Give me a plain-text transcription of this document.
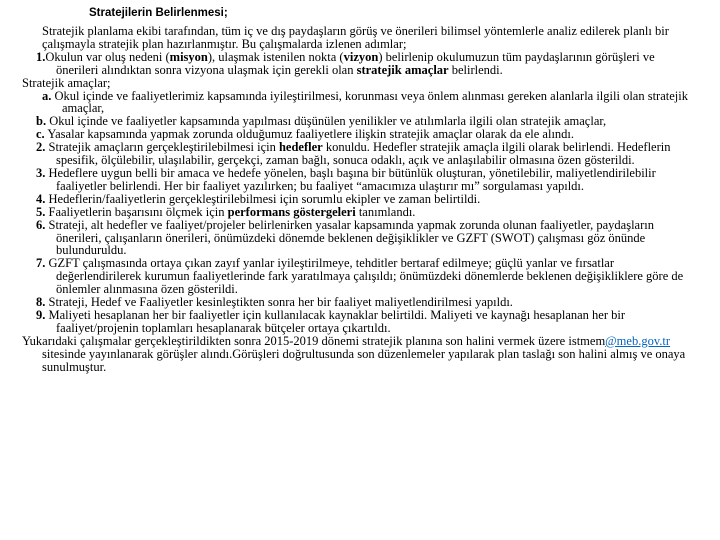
Stratejilerin Belirlenmesi;

Stratejik planlama ekibi tarafından, tüm iç ve dış paydaşların görüş ve önerileri bilimsel yöntemlerle analiz edilerek planlı bir çalışmayla stratejik plan hazırlanmıştır. Bu çalışmalarda izlenen adımlar;

1.Okulun var oluş nedeni (misyon), ulaşmak istenilen nokta (vizyon) belirlenip okulumuzun tüm paydaşlarının görüşleri ve önerileri alındıktan sonra vizyona ulaşmak için gerekli olan stratejik amaçlar belirlendi.

Stratejik amaçlar;

a. Okul içinde ve faaliyetlerimiz kapsamında iyileştirilmesi, korunması veya önlem alınması gereken alanlarla ilgili olan stratejik amaçlar,

b. Okul içinde ve faaliyetler kapsamında yapılması düşünülen yenilikler ve atılımlarla ilgili olan stratejik amaçlar,

c. Yasalar kapsamında yapmak zorunda olduğumuz faaliyetlere ilişkin stratejik amaçlar olarak da ele alındı.

2. Stratejik amaçların gerçekleştirilebilmesi için hedefler konuldu. Hedefler stratejik amaçla ilgili olarak belirlendi. Hedeflerin spesifik, ölçülebilir, ulaşılabilir, gerçekçi, zaman bağlı, sonuca odaklı, açık ve anlaşılabilir olmasına özen gösterildi.

3. Hedeflere uygun belli bir amaca ve hedefe yönelen, başlı başına bir bütünlük oluşturan, yönetilebilir, maliyetlendirilebilir faaliyetler belirlendi. Her bir faaliyet yazılırken; bu faaliyet “amacımıza ulaştırır mı” sorgulaması yapıldı.

4. Hedeflerin/faaliyetlerin gerçekleştirilebilmesi için sorumlu ekipler ve zaman belirtildi.

5. Faaliyetlerin başarısını ölçmek için performans göstergeleri tanımlandı.

6. Strateji, alt hedefler ve faaliyet/projeler belirlenirken yasalar kapsamında yapmak zorunda olunan faaliyetler, paydaşların önerileri, çalışanların önerileri, önümüzdeki dönemde beklenen değişiklikler ve GZFT (SWOT) çalışması göz önünde bulunduruldu.

7. GZFT çalışmasında ortaya çıkan zayıf yanlar iyileştirilmeye, tehditler bertaraf edilmeye; güçlü yanlar ve fırsatlar değerlendirilerek kurumun faaliyetlerinde fark yaratılmaya çalışıldı; önümüzdeki dönemlerde beklenen değişikliklere göre de önlemler alınmasına özen gösterildi.

8. Strateji, Hedef ve Faaliyetler kesinleştikten sonra her bir faaliyet maliyetlendirilmesi yapıldı.

9. Maliyeti hesaplanan her bir faaliyetler için kullanılacak kaynaklar belirtildi. Maliyeti ve kaynağı hesaplanan her bir faaliyet/projenin toplamları hesaplanarak bütçeler ortaya çıkartıldı.

Yukarıdaki çalışmalar gerçekleştirildikten sonra 2015-2019 dönemi stratejik planına son halini vermek üzere istmem@meb.gov.tr sitesinde yayınlanarak görüşler alındı.Görüşleri doğrultusunda son düzenlemeler yapılarak plan taslağı son halini almış ve onaya sunulmuştur.
